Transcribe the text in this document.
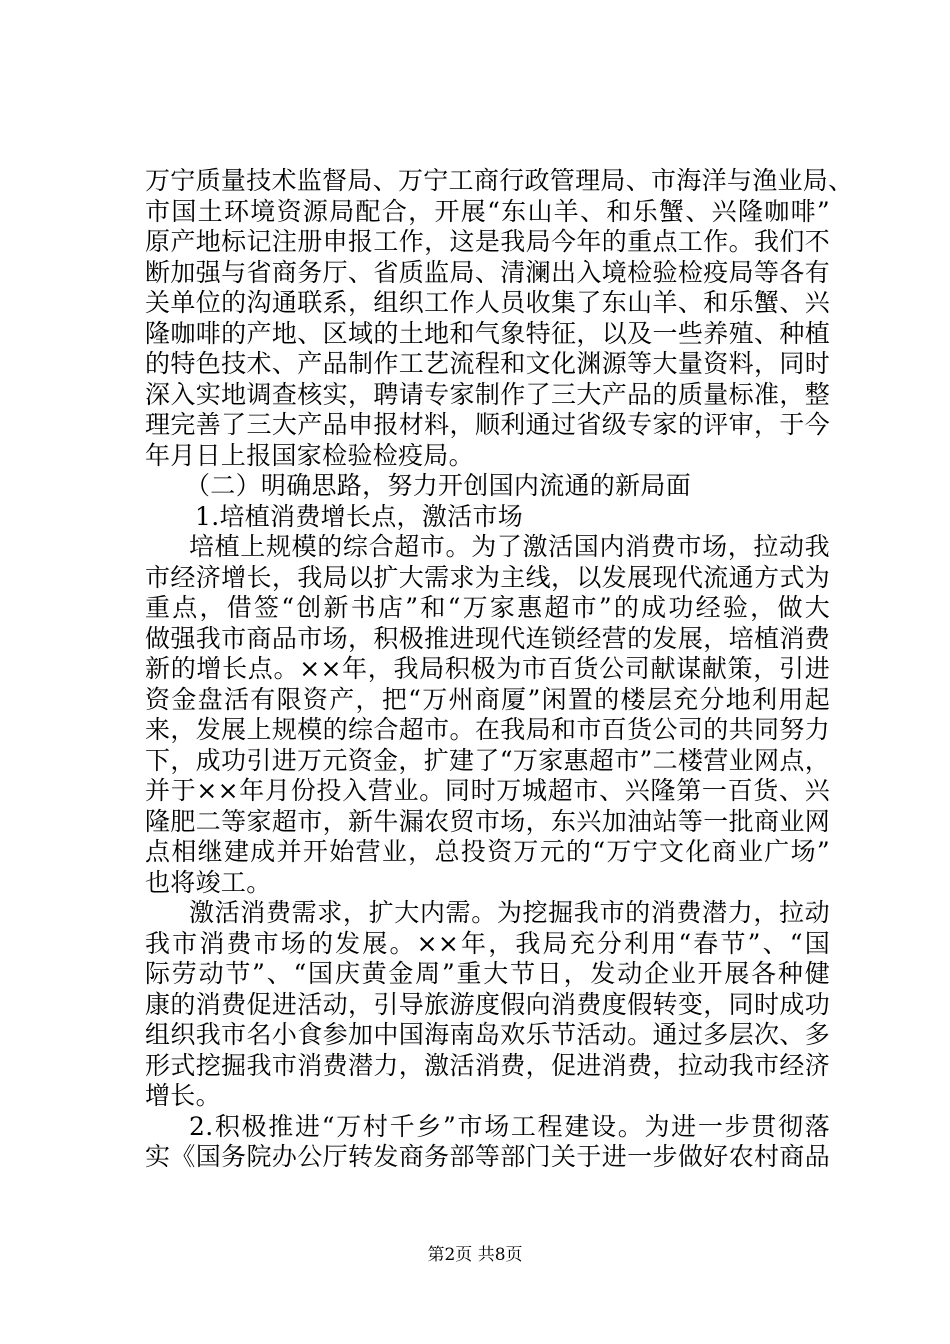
万宁质量技术监督局、万宁工商行政管理局、市海洋与渔业局、
市国土环境资源局配合，开展“东山羊、和乐蟹、兴隆咖啡”
原产地标记注册申报工作，这是我局今年的重点工作。我们不
断加强与省商务厅、省质监局、清澜出入境检验检疫局等各有
关单位的沟通联系，组织工作人员收集了东山羊、和乐蟹、兴
隆咖啡的产地、区域的土地和气象特征，以及一些养殖、种植
的特色技术、产品制作工艺流程和文化渊源等大量资料，同时
深入实地调查核实，聘请专家制作了三大产品的质量标准，整
理完善了三大产品申报材料，顺利通过省级专家的评审，于今
年月日上报国家检验检疫局。
（二）明确思路，努力开创国内流通的新局面
1.培植消费增长点，激活市场
培植上规模的综合超市。为了激活国内消费市场，拉动我
市经济增长，我局以扩大需求为主线，以发展现代流通方式为
重点，借签“创新书店”和“万家惠超市”的成功经验，做大
做强我市商品市场，积极推进现代连锁经营的发展，培植消费
新的增长点。××年，我局积极为市百货公司献谋献策，引进
资金盘活有限资产，把“万州商厦”闲置的楼层充分地利用起
来，发展上规模的综合超市。在我局和市百货公司的共同努力
下，成功引进万元资金，扩建了“万家惠超市”二楼营业网点，
并于××年月份投入营业。同时万城超市、兴隆第一百货、兴
隆肥二等家超市，新牛漏农贸市场，东兴加油站等一批商业网
点相继建成并开始营业，总投资万元的“万宁文化商业广场”
也将竣工。
激活消费需求，扩大内需。为挖掘我市的消费潜力，拉动
我市消费市场的发展。××年，我局充分利用“春节”、“国
际劳动节”、“国庆黄金周”重大节日，发动企业开展各种健
康的消费促进活动，引导旅游度假向消费度假转变，同时成功
组织我市名小食参加中国海南岛欢乐节活动。通过多层次、多
形式挖掘我市消费潜力，激活消费，促进消费，拉动我市经济
增长。
2.积极推进“万村千乡”市场工程建设。为进一步贯彻落
实《国务院办公厅转发商务部等部门关于进一步做好农村商品
第2页 共8页
